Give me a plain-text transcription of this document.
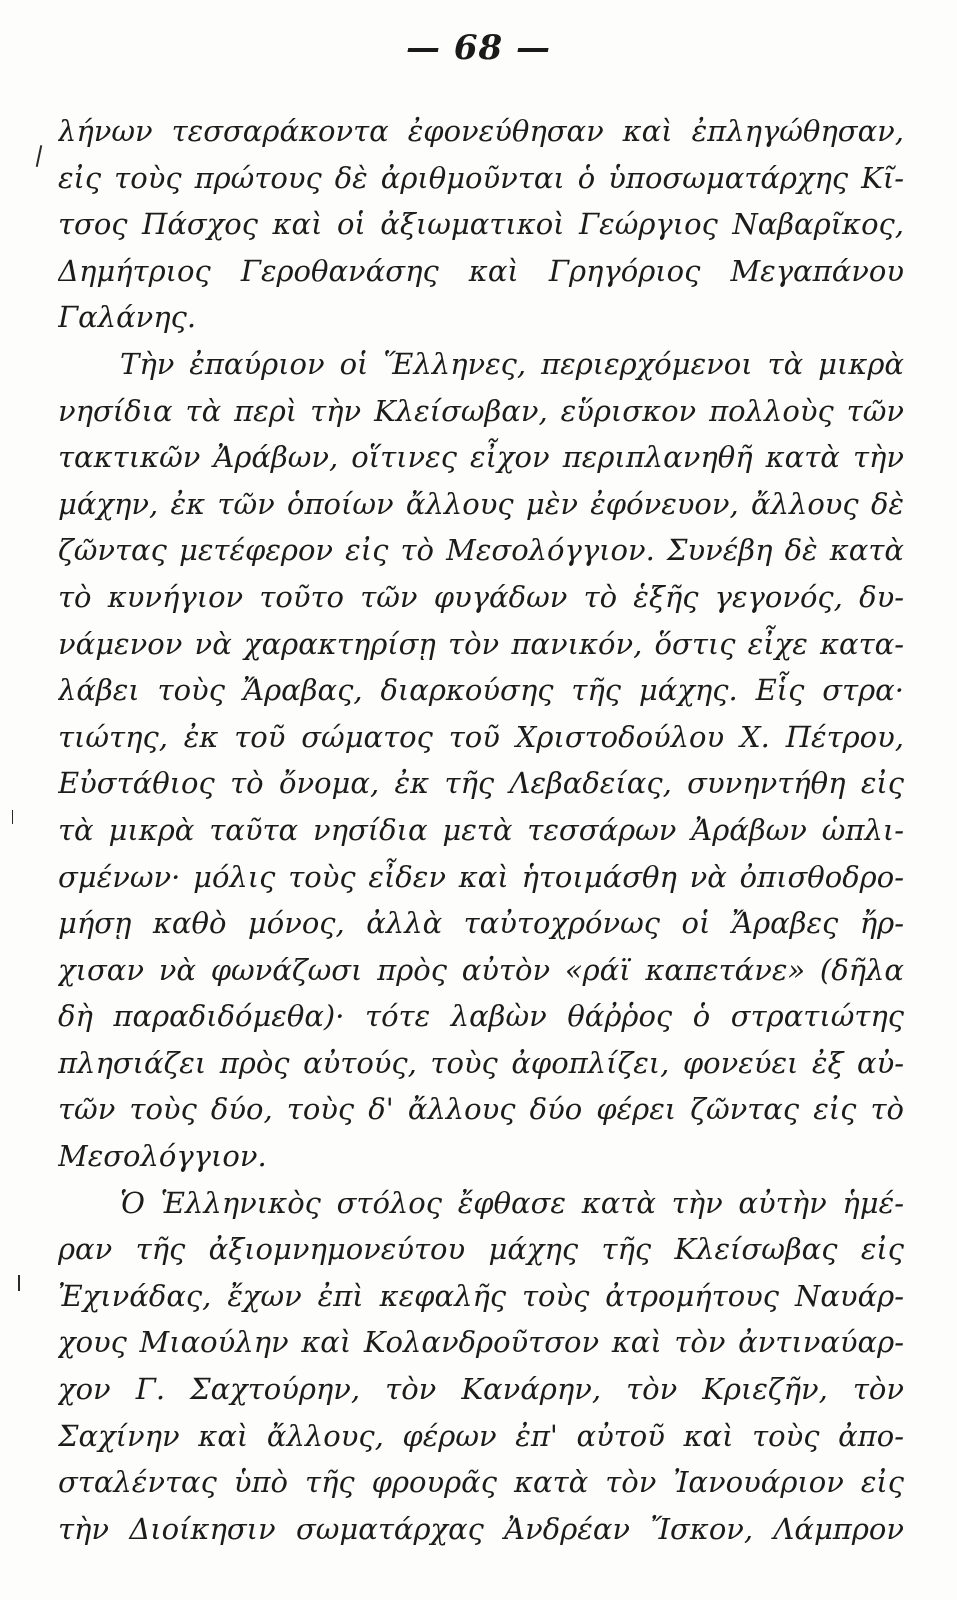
— 68 —
λήνων τεσσαράκοντα ἐφονεύθησαν καὶ ἐπληγώθησαν,
εἰς τοὺς πρώτους δὲ ἀριθμοῦνται ὁ ὑποσωματάρχης Κῖ-
τσος Πάσχος καὶ οἱ ἀξιωματικοὶ Γεώργιος Ναβαρῖκος,
Δημήτριος Γεροθανάσης καὶ Γρηγόριος Μεγαπάνου
Γαλάνης.
Τὴν ἐπαύριον οἱ Ἕλληνες, περιερχόμενοι τὰ μικρὰ
νησίδια τὰ περὶ τὴν Κλείσωβαν, εὕρισκον πολλοὺς τῶν
τακτικῶν Ἀράβων, οἵτινες εἶχον περιπλανηθῆ κατὰ τὴν
μάχην, ἐκ τῶν ὁποίων ἄλλους μὲν ἐφόνευον, ἄλλους δὲ
ζῶντας μετέφερον εἰς τὸ Μεσολόγγιον. Συνέβη δὲ κατὰ
τὸ κυνήγιον τοῦτο τῶν φυγάδων τὸ ἑξῆς γεγονός, δυ-
νάμενον νὰ χαρακτηρίσῃ τὸν πανικόν, ὅστις εἶχε κατα-
λάβει τοὺς Ἄραβας, διαρκούσης τῆς μάχης. Εἷς στρα·
τιώτης, ἐκ τοῦ σώματος τοῦ Χριστοδούλου Χ. Πέτρου,
Εὐστάθιος τὸ ὄνομα, ἐκ τῆς Λεβαδείας, συνηντήθη εἰς
τὰ μικρὰ ταῦτα νησίδια μετὰ τεσσάρων Ἀράβων ὡπλι-
σμένων· μόλις τοὺς εἶδεν καὶ ἡτοιμάσθη νὰ ὀπισθοδρο-
μήσῃ καθὸ μόνος, ἀλλὰ ταὐτοχρόνως οἱ Ἄραβες ἤρ-
χισαν νὰ φωνάζωσι πρὸς αὐτὸν «ράϊ καπετάνε» (δῆλα
δὴ παραδιδόμεθα)· τότε λαβὼν θάῤῥος ὁ στρατιώτης
πλησιάζει πρὸς αὐτούς, τοὺς ἀφοπλίζει, φονεύει ἐξ αὐ-
τῶν τοὺς δύο, τοὺς δ' ἄλλους δύο φέρει ζῶντας εἰς τὸ
Μεσολόγγιον.
Ὁ Ἑλληνικὸς στόλος ἔφθασε κατὰ τὴν αὐτὴν ἡμέ-
ραν τῆς ἀξιομνημονεύτου μάχης τῆς Κλείσωβας εἰς
Ἐχινάδας, ἔχων ἐπὶ κεφαλῆς τοὺς ἀτρομήτους Ναυάρ-
χους Μιαούλην καὶ Κολανδροῦτσον καὶ τὸν ἀντιναύαρ-
χον Γ. Σαχτούρην, τὸν Κανάρην, τὸν Κριεζῆν, τὸν
Σαχίνην καὶ ἄλλους, φέρων ἐπ' αὐτοῦ καὶ τοὺς ἀπο-
σταλέντας ὑπὸ τῆς φρουρᾶς κατὰ τὸν Ἰανουάριον εἰς
τὴν Διοίκησιν σωματάρχας Ἀνδρέαν Ἴσκον, Λάμπρον
